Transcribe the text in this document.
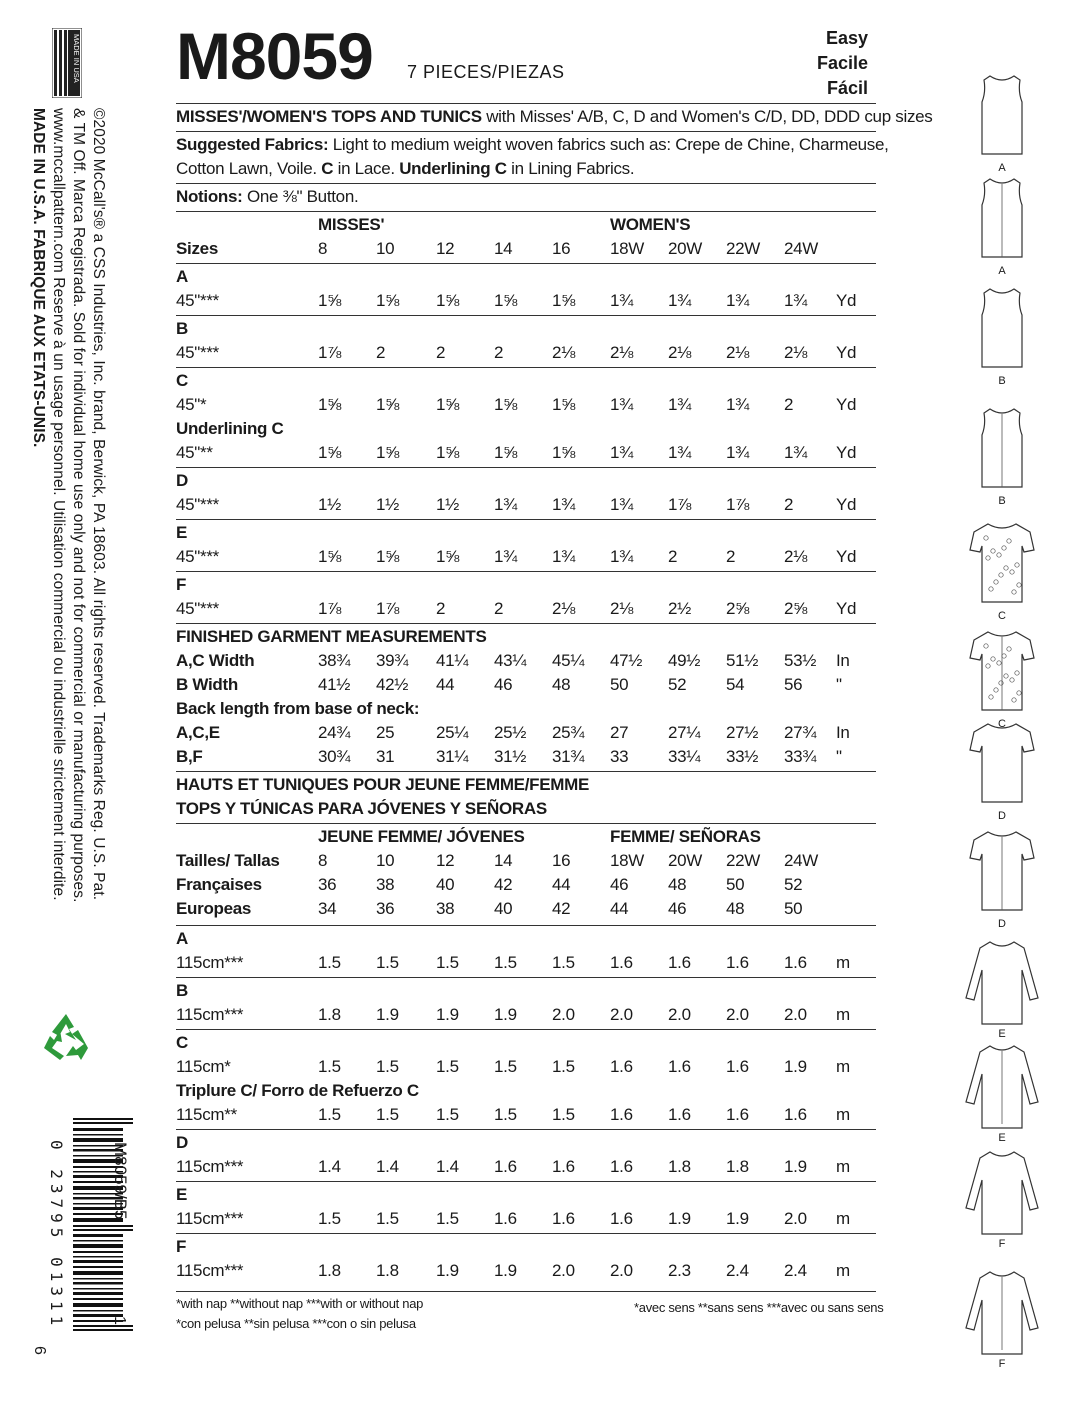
MADE IN USA
©2020 McCall's® a CSS Industries, Inc. brand, Berwick, PA 18603. All rights reserved. Trademarks Reg. U.S. Pat.
& TM Off. Marca Registrada. Sold for individual home use only and not for commercial or manufacturing purposes.
www.mccallpattern.com Reserve à un usage personnel. Utilisation commercial ou industrielle strictement interdite.
MADE IN U.S.A. FABRIQUE AUX ETATS-UNIS.
0 23795 01311	M8059/B5
1
6
M8059 7 PIECES/PIEZAS
Easy
Facile
Fácil
MISSES'/WOMEN'S TOPS AND TUNICS with Misses' A/B, C, D and Women's C/D, DD, DDD cup sizes
Suggested Fabrics: Light to medium weight woven fabrics such as: Crepe de Chine, Charmeuse,
Cotton Lawn, Voile. C in Lace. Underlining C in Lining Fabrics.
Notions: One ⅜" Button.
MISSES'	WOMEN'S
Sizes	8	10 12 14 16 18W 20W 22W 24W
A
45"***	1⅝ 1⅝ 1⅝ 1⅝ 1⅝ 1¾ 1¾ 1¾ 1¾ Yd
B
45"***	1⅞ 2	2	2	2⅛ 2⅛ 2⅛ 2⅛ 2⅛ Yd
C
45"*	1⅝ 1⅝ 1⅝ 1⅝ 1⅝ 1¾ 1¾ 1¾ 2	Yd
Underlining C
45"**	1⅝ 1⅝ 1⅝ 1⅝ 1⅝ 1¾ 1¾ 1¾ 1¾ Yd
D
45"***	1½ 1½ 1½ 1¾ 1¾ 1¾ 1⅞ 1⅞ 2	Yd
E
45"***	1⅝ 1⅝ 1⅝ 1¾ 1¾ 1¾ 2	2	2⅛ Yd
F
45"***	1⅞ 1⅞ 2	2	2⅛ 2⅛ 2½ 2⅝ 2⅝ Yd
FINISHED GARMENT MEASUREMENTS
A,C Width	38¾ 39¾ 41¼ 43¼ 45¼ 47½ 49½ 51½ 53½ In
B Width	41½ 42½ 44 46 48 50 52 54 56 "
Back length from base of neck:
A,C,E	24¾ 25 25¼ 25½ 25¾ 27 27¼ 27½ 27¾ In
B,F	30¾ 31 31¼ 31½ 31¾ 33 33¼ 33½ 33¾ "
HAUTS ET TUNIQUES POUR JEUNE FEMME/FEMME
TOPS Y TÚNICAS PARA JÓVENES Y SEÑORAS
JEUNE FEMME/ JÓVENES	FEMME/ SEÑORAS
Tailles/ Tallas 8	10 12 14 16 18W 20W 22W 24W
Françaises	36 38 40 42 44 46 48 50 52
Europeas	34 36 38 40 42 44 46 48 50
A
115cm***	1.5 1.5 1.5 1.5 1.5 1.6 1.6 1.6 1.6 m
B
115cm***	1.8 1.9 1.9 1.9 2.0 2.0 2.0 2.0 2.0 m
C
115cm*	1.5 1.5 1.5 1.5 1.5 1.6 1.6 1.6 1.9 m
Triplure C/ Forro de Refuerzo C
115cm**	1.5 1.5 1.5 1.5 1.5 1.6 1.6 1.6 1.6 m
D
115cm***	1.4 1.4 1.4 1.6 1.6 1.6 1.8 1.8 1.9 m
E
115cm***	1.5 1.5 1.5 1.6 1.6 1.6 1.9 1.9 2.0 m
F
115cm***	1.8 1.8 1.9 1.9 2.0 2.0 2.3 2.4 2.4 m
*with nap **without nap ***with or without nap
*con pelusa **sin pelusa ***con o sin pelusa
*avec sens **sans sens ***avec ou sans sens
A
A
B
B
C
C
D
D
E
E
F
F
